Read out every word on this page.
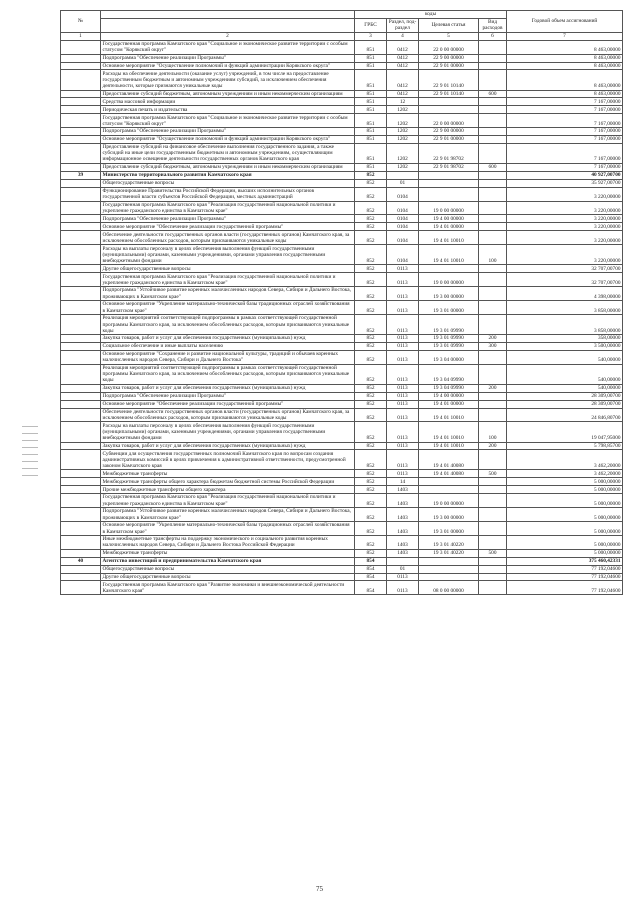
№		коды				Годовой объем ассигнований
		ГРБС	Раздел, под-раздел	Целевая статья	Вид расходов	
1	2	3	4	5	6	7
	Государственная программа Камчатского края "Социальное и экономическое развитие территории с особым статусом "Корякский округ"	851	0412	22 0 00 00000		8 463,00000
	Подпрограмма "Обеспечение реализации Программы"	851	0412	22 9 00 00000		8 463,00000
	Основное мероприятие "Осуществление полномочий и функций администрации Корякского округа"	851	0412	22 9 01 00000		8 463,00000
	Расходы на обеспечение деятельности (оказание услуг) учреждений, в том числе на предоставление государственным бюджетным и автономным учреждениям субсидий, за исключением обеспечения деятельности, которые признаются уникальные коды	851	0412	22 9 01 10140		8 463,00000
	Предоставление субсидий бюджетным, автономным учреждениям и иным некоммерческим организациям	851	0412	22 9 01 10140	600	8 463,00000
	Средства массовой информации	851	12			7 167,00000
	Периодическая печать и издательства	851	1202			7 167,00000
	Государственная программа Камчатского края "Социальное и экономическое развитие территории с особым статусом "Корякский округ"	851	1202	22 0 00 00000		7 167,00000
	Подпрограмма "Обеспечение реализации Программы"	851	1202	22 9 00 00000		7 167,00000
	Основное мероприятие "Осуществление полномочий и функций администрации Корякского округа"	851	1202	22 9 01 00000		7 167,00000
	Предоставление субсидий на финансовое обеспечение выполнения государственного задания, а также субсидий на иные цели государственным бюджетным и автономным учреждениям, осуществляющим информационное освещение деятельности государственных органов Камчатского края	851	1202	22 9 01 98702		7 167,00000
	Предоставление субсидий бюджетным, автономным учреждениям и иным некоммерческим организациям	851	1202	22 9 01 98702	600	7 167,00000
39	Министерство территориального развития Камчатского края	852				40 927,00700
	Общегосударственные вопросы	852	01			35 927,00700
	Функционирование Правительства Российской Федерации, высших исполнительных органов государственной власти субъектов Российской Федерации, местных администраций	852	0104			3 220,00000
	Государственная программа Камчатского края "Реализация государственной национальной политики и укрепление гражданского единства в Камчатском крае"	852	0104	19 0 00 00000		3 220,00000
	Подпрограмма "Обеспечение реализации Программы"	852	0104	19 4 00 00000		3 220,00000
	Основное мероприятие "Обеспечение реализации государственной программы"	852	0104	19 4 01 00000		3 220,00000
	Обеспечение деятельности государственных органов власти (государственных органов) Камчатского края, за исключением обособленных расходов, которым присваиваются уникальные коды	852	0104	19 4 01 10010		3 220,00000
	Расходы на выплаты персоналу в целях обеспечения выполнения функций государственными (муниципальными) органами, казенными учреждениями, органами управления государственными внебюджетными фондами	852	0104	19 4 01 10010	100	3 220,00000
	Другие общегосударственные вопросы	852	0113			32 707,00700
	Государственная программа Камчатского края "Реализация государственной национальной политики и укрепление гражданского единства в Камчатском крае"	852	0113	19 0 00 00000		32 707,00700
	Подпрограмма "Устойчивое развитие коренных малочисленных народов Севера, Сибири и Дальнего Востока, проживающих в Камчатском крае"	852	0113	19 3 00 00000		4 398,00000
	Основное мероприятие "Укрепление материально-технической базы традиционных отраслей хозяйствования в Камчатском крае"	852	0113	19 3 01 00000		3 858,00000
	Реализация мероприятий соответствующей подпрограммы в рамках соответствующей государственной программы Камчатского края, за исключением обособленных расходов, которым присваиваются уникальные коды	852	0113	19 3 01 09990		3 858,00000
	Закупка товаров, работ и услуг для обеспечения государственных (муниципальных) нужд	852	0113	19 3 01 09990	200	358,00000
	Социальное обеспечение и иные выплаты населению	852	0113	19 3 01 09990	300	3 500,00000
	Основное мероприятие "Сохранение и развитие национальной культуры, традиций и обычаев коренных малочисленных народов Севера, Сибири и Дальнего Востока"	852	0113	19 3 04 00000		540,00000
	Реализация мероприятий соответствующей подпрограммы в рамках соответствующей государственной программы Камчатского края, за исключением обособленных расходов, которым присваиваются уникальные коды	852	0113	19 3 04 09990		540,00000
	Закупка товаров, работ и услуг для обеспечения государственных (муниципальных) нужд	852	0113	19 3 04 09990	200	540,00000
	Подпрограмма "Обеспечение реализации Программы"	852	0113	19 4 00 00000		28 309,00700
	Основное мероприятие "Обеспечение реализации государственной программы"	852	0113	19 4 01 00000		28 309,00700
	Обеспечение деятельности государственных органов власти (государственных органов) Камчатского края, за исключением обособленных расходов, которым присваиваются уникальные коды	852	0113	19 4 01 10010		24 846,80700
	Расходы на выплаты персоналу в целях обеспечения выполнения функций государственными (муниципальными) органами, казенными учреждениями, органами управления государственными внебюджетными фондами	852	0113	19 4 01 10010	100	19 047,95000
	Закупка товаров, работ и услуг для обеспечения государственных (муниципальных) нужд	852	0113	19 4 01 10010	200	5 798,85700
	Субвенции для осуществления государственных полномочий Камчатского края по вопросам создания административных комиссий в целях привлечения к административной ответственности, предусмотренной законом Камчатского края	852	0113	19 4 01 40080		3 462,20000
	Межбюджетные трансферты	852	0113	19 4 01 40080	500	3 462,20000
	Межбюджетные трансферты общего характера бюджетам бюджетной системы Российской Федерации	852	14			5 000,00000
	Прочие межбюджетные трансферты общего характера	852	1403			5 000,00000
	Государственная программа Камчатского края "Реализация государственной национальной политики и укрепление гражданского единства в Камчатском крае"	852	1403	19 0 00 00000		5 000,00000
	Подпрограмма "Устойчивое развитие коренных малочисленных народов Севера, Сибири и Дальнего Востока, проживающих в Камчатском крае"	852	1403	19 3 00 00000		5 000,00000
	Основное мероприятие "Укрепление материально-технической базы традиционных отраслей хозяйствования в Камчатском крае"	852	1403	19 3 01 00000		5 000,00000
	Иные межбюджетные трансферты на поддержку экономического и социального развития коренных малочисленных народов Севера, Сибири и Дальнего Востока Российской Федерации	852	1403	19 3 01 40220		5 000,00000
	Межбюджетные трансферты	852	1403	19 3 01 40220	500	5 000,00000
40	Агентство инвестиций и предпринимательства Камчатского края	854				375 460,42331
	Общегосударственные вопросы	854	01			77 192,04600
	Другие общегосударственные вопросы	854	0113			77 192,04600
	Государственная программа Камчатского края "Развитие экономики и внешнеэкономической деятельности Камчатского края"	854	0113	08 0 00 00000		77 192,04600
75
